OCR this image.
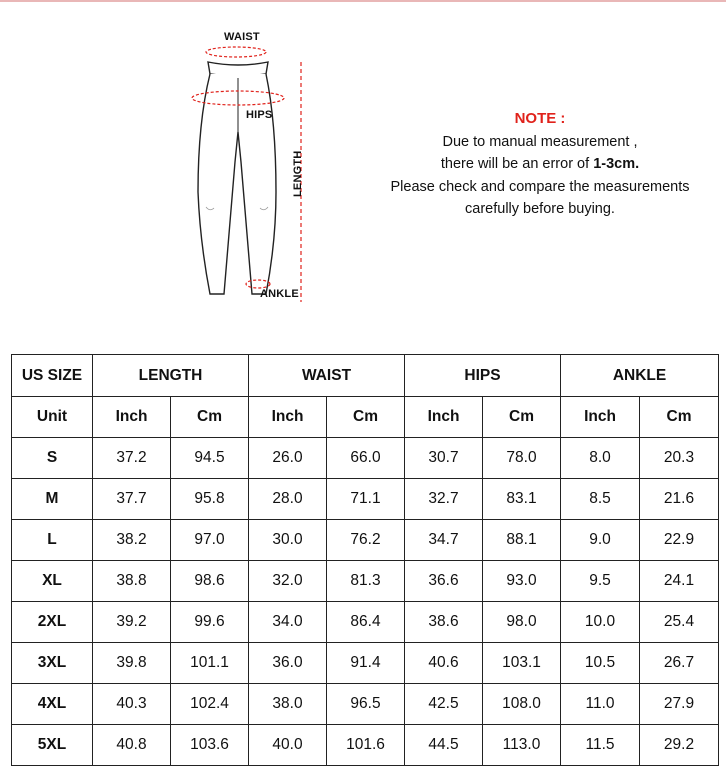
WAIST
HIPS
LENGTH
ANKLE
NOTE :
Due to manual measurement ,
there will be an error of 1-3cm.
Please check and compare the measurements
carefully before buying.
US SIZE	LENGTH		WAIST		HIPS		ANKLE	
Unit	Inch	Cm	Inch	Cm	Inch	Cm	Inch	Cm
S	37.2	94.5	26.0	66.0	30.7	78.0	8.0	20.3
M	37.7	95.8	28.0	71.1	32.7	83.1	8.5	21.6
L	38.2	97.0	30.0	76.2	34.7	88.1	9.0	22.9
XL	38.8	98.6	32.0	81.3	36.6	93.0	9.5	24.1
2XL	39.2	99.6	34.0	86.4	38.6	98.0	10.0	25.4
3XL	39.8	101.1	36.0	91.4	40.6	103.1	10.5	26.7
4XL	40.3	102.4	38.0	96.5	42.5	108.0	11.0	27.9
5XL	40.8	103.6	40.0	101.6	44.5	113.0	11.5	29.2
